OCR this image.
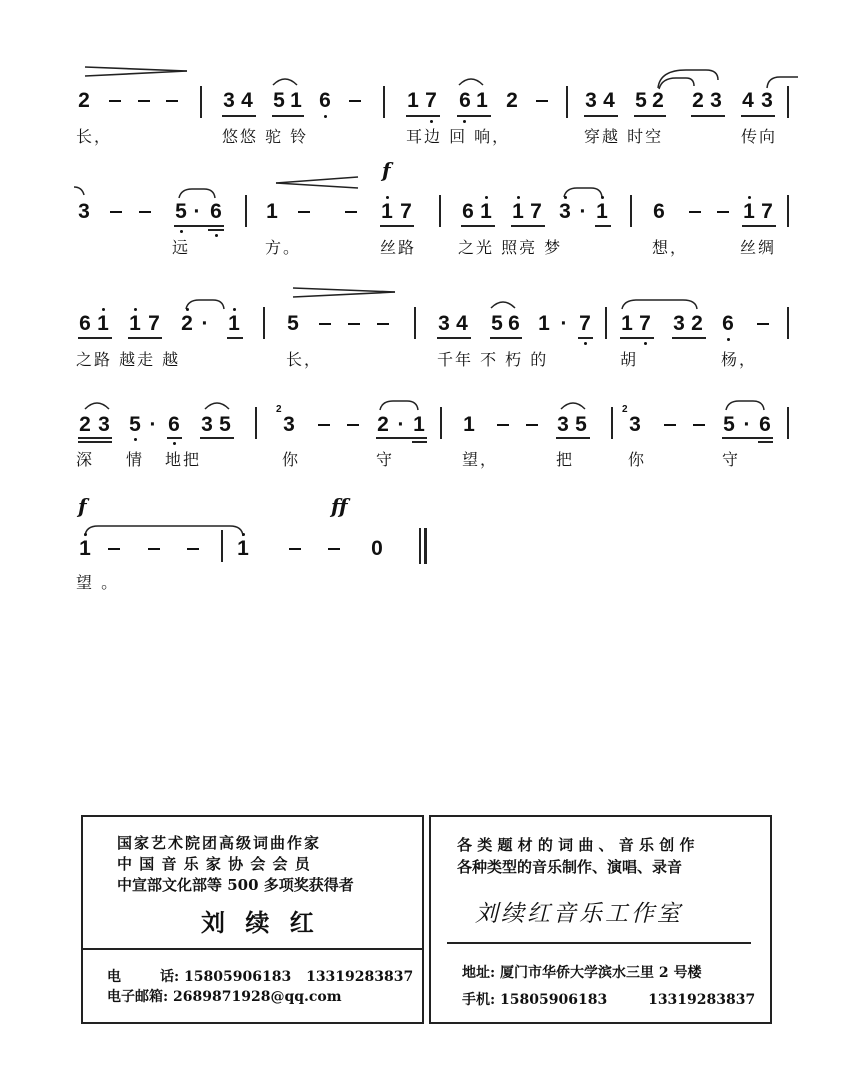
2	3 4 5 1 6	1 7 6 1 2	3 4 5 2 2 3 4 3
长，	悠悠 驼 铃	耳边 回 响，	穿越 时空	传向
3	5 · 6
f
1	1 7 6 1 1 7 3 · 1 6	1 7
远	方。	丝路	之光 照亮 梦	想，	丝绸
6 1 1 7 2 · 1 5	3 4 5 6 1 · 7 1 7 3 2 6
之路 越走 越	长，	千年 不 朽 的	胡	杨，
2 3 5 · 6 3 5
2
3	2 · 1 1	3 5
2
3	5 · 6
深 情 地把	你	守	望，	把	你	守
f	ff
1	1	0
望 。
国家艺术院团高级词曲作家
中 国 音 乐 家 协 会 会 员
中宣部文化部等 500 多项奖获得者
刘 续 红
电        话: 15805906183 13319283837
电子邮箱: 2689871928@qq.com
各 类 题 材 的 词 曲 、 音 乐 创 作
各种类型的音乐制作、演唱、录音
刘续红音乐工作室
地址: 厦门市华侨大学滨水三里 2 号楼
手机: 15805906183	13319283837
